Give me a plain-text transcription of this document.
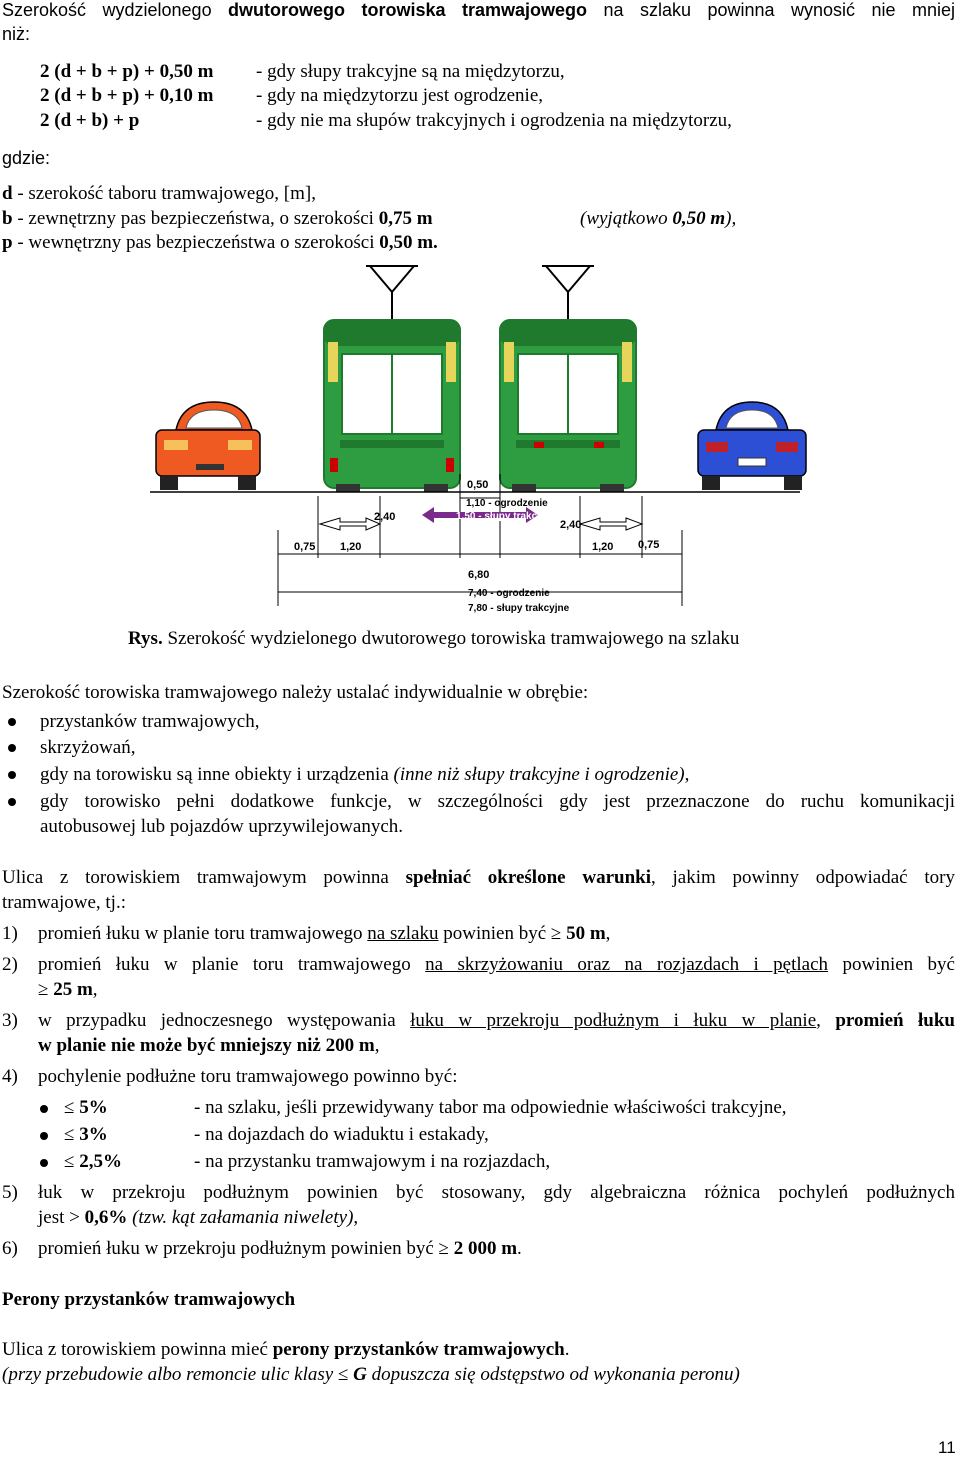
Szerokość wydzielonego dwutorowego torowiska tramwajowego na szlaku powinna wynosić nie mniej
niż:
2 (d + b + p) + 0,50 m - gdy słupy trakcyjne są na międzytorzu,
2 (d + b + p) + 0,10 m - gdy na międzytorzu jest ogrodzenie,
2 (d + b) + p	- gdy nie ma słupów trakcyjnych i ogrodzenia na międzytorzu,
gdzie:
d - szerokość taboru tramwajowego, [m],
b - zewnętrzny pas bezpieczeństwa, o szerokości 0,75 m	(wyjątkowo 0,50 m),
p - wewnętrzny pas bezpieczeństwa o szerokości 0,50 m.
0,50
1,10 - ogrodzenie
1,50 - słupy trakcyjne
2,40
2,40
0,75 1,20	1,20 0,75
6,80
7,40 - ogrodzenie
7,80 - słupy trakcyjne
Rys. Szerokość wydzielonego dwutorowego torowiska tramwajowego na szlaku
Szerokość torowiska tramwajowego należy ustalać indywidualnie w obrębie:
przystanków tramwajowych,
skrzyżowań,
gdy na torowisku są inne obiekty i urządzenia (inne niż słupy trakcyjne i ogrodzenie),
gdy torowisko pełni dodatkowe funkcje, w szczególności gdy jest przeznaczone do ruchu komunikacji
autobusowej lub pojazdów uprzywilejowanych.
Ulica z torowiskiem tramwajowym powinna spełniać określone warunki, jakim powinny odpowiadać tory
tramwajowe, tj.:
1) promień łuku w planie toru tramwajowego na szlaku powinien być ≥ 50 m,
2) promień łuku w planie toru tramwajowego na skrzyżowaniu oraz na rozjazdach i pętlach powinien być
≥ 25 m,
3) w przypadku jednoczesnego występowania łuku w przekroju podłużnym i łuku w planie, promień łuku
w planie nie może być mniejszy niż 200 m,
4) pochylenie podłużne toru tramwajowego powinno być:
≤ 5%	- na szlaku, jeśli przewidywany tabor ma odpowiednie właściwości trakcyjne,
≤ 3%	- na dojazdach do wiaduktu i estakady,
≤ 2,5%	- na przystanku tramwajowym i na rozjazdach,
5) łuk w przekroju podłużnym powinien być stosowany, gdy algebraiczna różnica pochyleń podłużnych
jest > 0,6% (tzw. kąt załamania niwelety),
6) promień łuku w przekroju podłużnym powinien być ≥ 2 000 m.
Perony przystanków tramwajowych
Ulica z torowiskiem powinna mieć perony przystanków tramwajowych.
(przy przebudowie albo remoncie ulic klasy ≤ G dopuszcza się odstępstwo od wykonania peronu)
11
